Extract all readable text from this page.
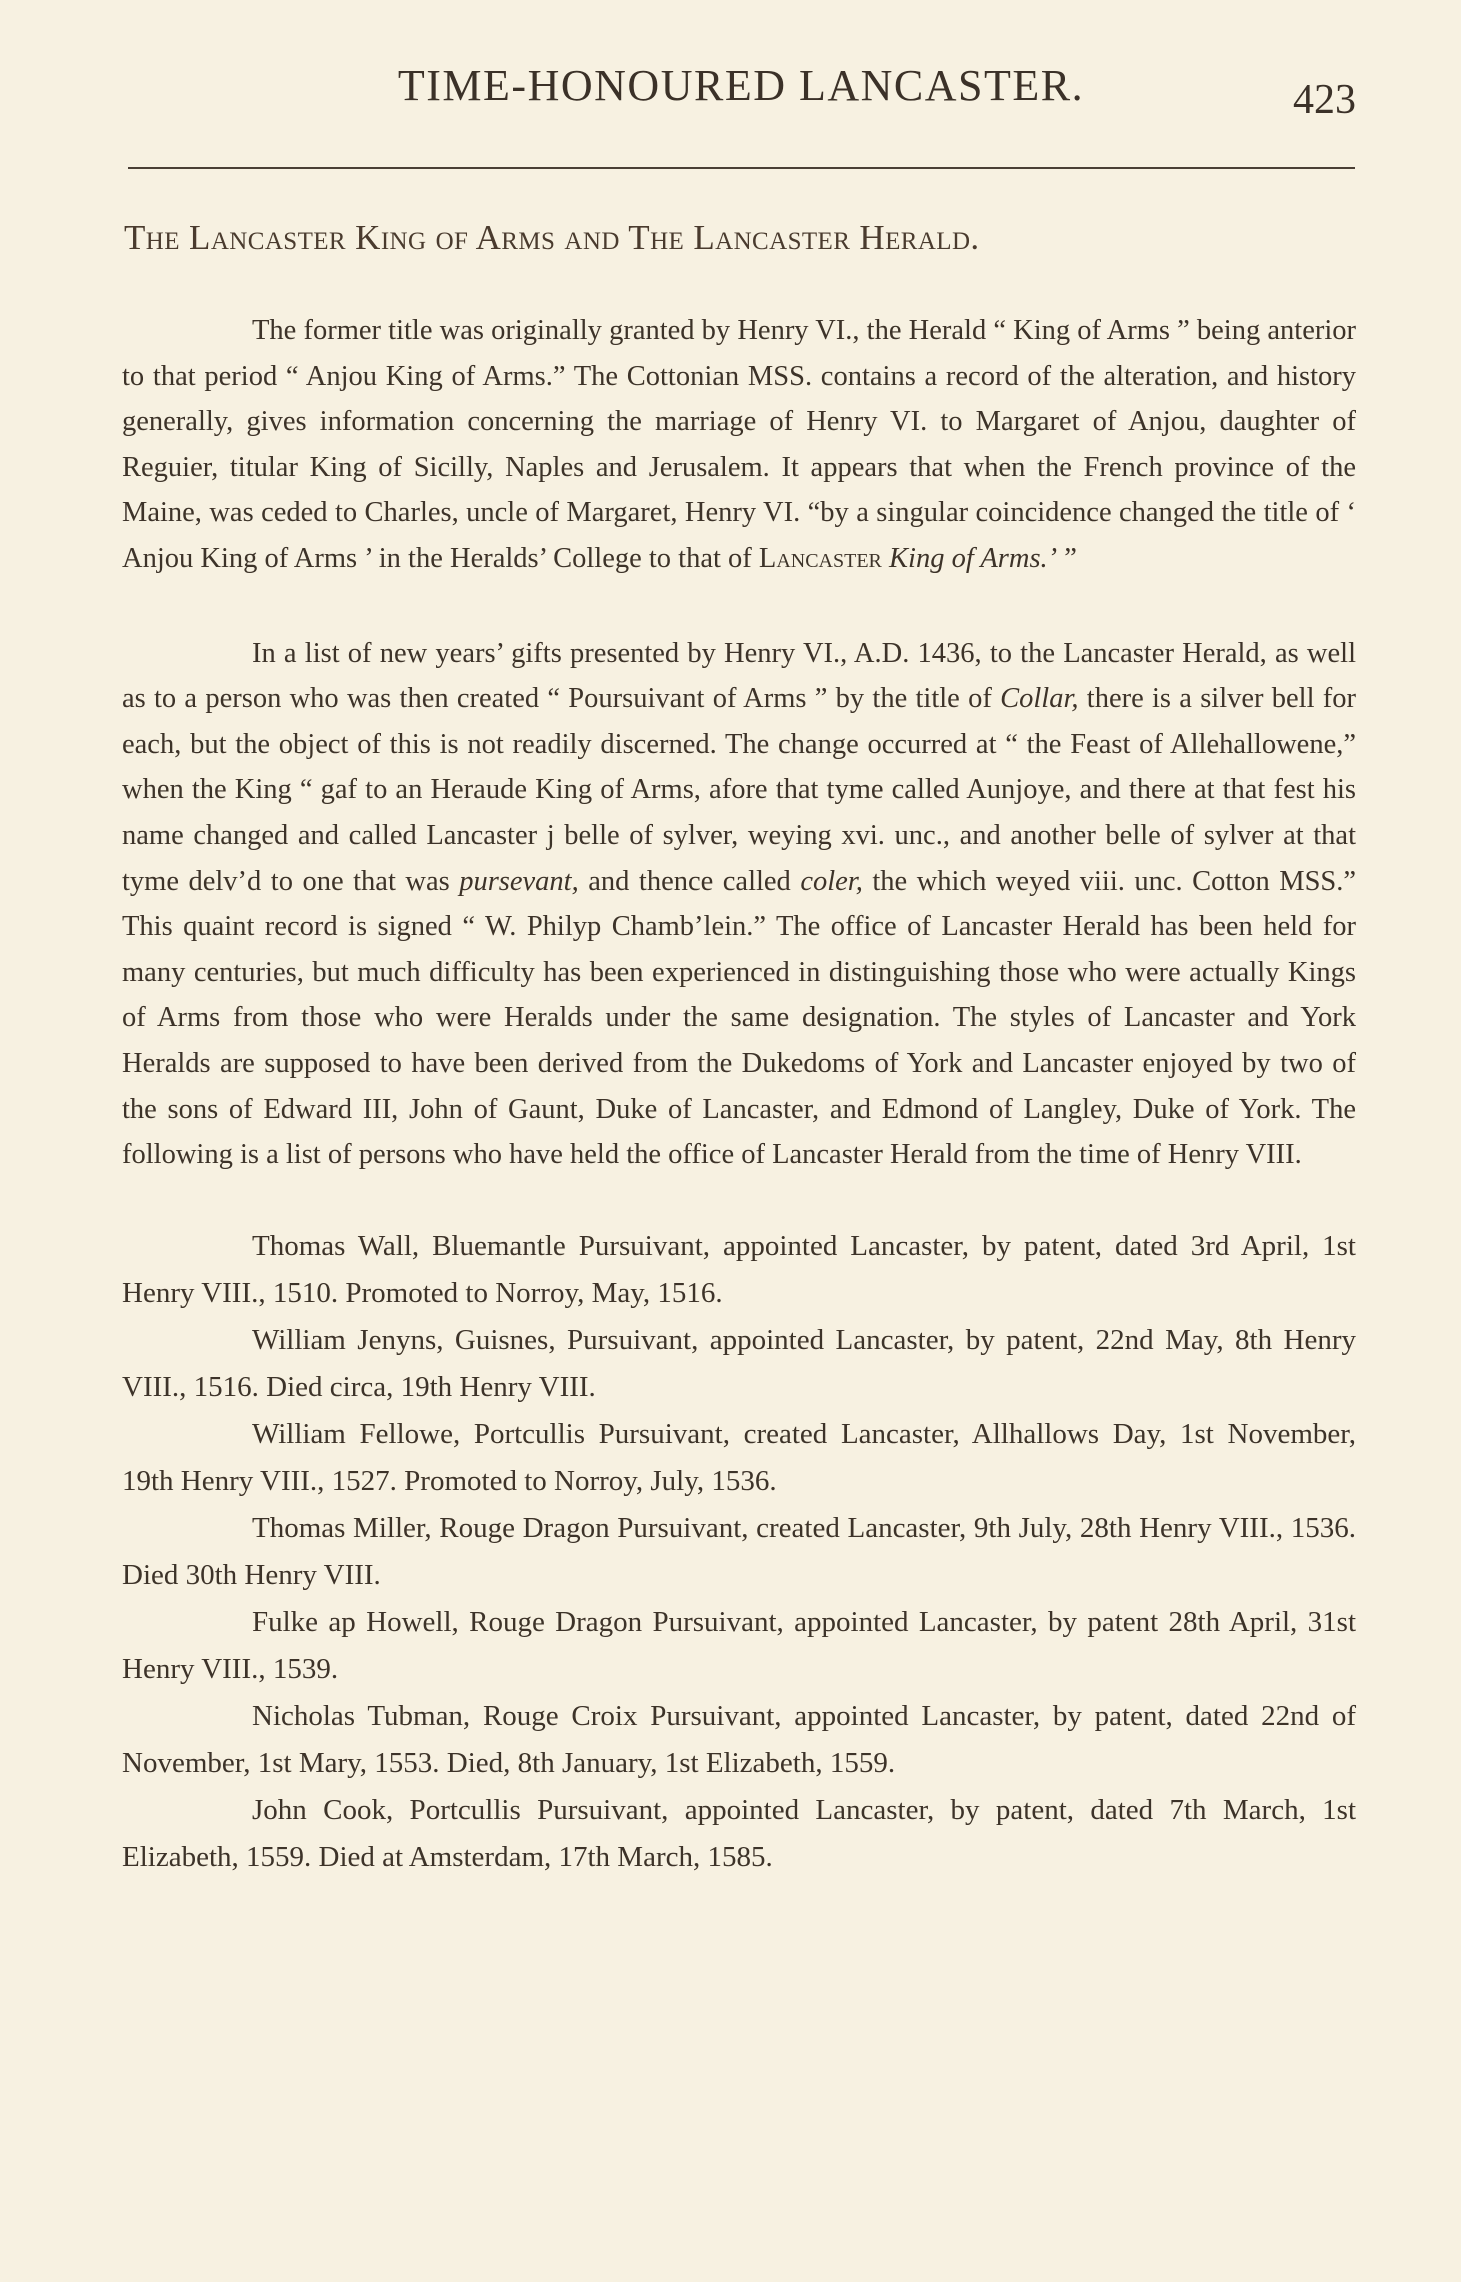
TIME-HONOURED LANCASTER.	423
The Lancaster King of Arms and The Lancaster Herald.

The former title was originally granted by Henry VI., the Herald “ King of Arms ” being anterior to that period “ Anjou King of Arms.” The Cottonian MSS. contains a record of the alteration, and history generally, gives information concerning the marriage of Henry VI. to Margaret of Anjou, daughter of Reguier, titular King of Sicilly, Naples and Jerusalem. It appears that when the French province of the Maine, was ceded to Charles, uncle of Margaret, Henry VI. “by a singular coincidence changed the title of ‘ Anjou King of Arms ’ in the Heralds’ College to that of Lancaster King of Arms.’ ”

In a list of new years’ gifts presented by Henry VI., A.D. 1436, to the Lancaster Herald, as well as to a person who was then created “ Poursuivant of Arms ” by the title of Collar, there is a silver bell for each, but the object of this is not readily discerned. The change occurred at “ the Feast of Allehallowene,” when the King “ gaf to an Heraude King of Arms, afore that tyme called Aunjoye, and there at that fest his name changed and called Lancaster j belle of sylver, weying xvi. unc., and another belle of sylver at that tyme delv’d to one that was pursevant, and thence called coler, the which weyed viii. unc. Cotton MSS.” This quaint record is signed “ W. Philyp Chamb’lein.” The office of Lancaster Herald has been held for many centuries, but much difficulty has been experienced in distinguishing those who were actually Kings of Arms from those who were Heralds under the same designation. The styles of Lancaster and York Heralds are supposed to have been derived from the Dukedoms of York and Lancaster enjoyed by two of the sons of Edward III, John of Gaunt, Duke of Lancaster, and Edmond of Langley, Duke of York. The following is a list of persons who have held the office of Lancaster Herald from the time of Henry VIII.

Thomas Wall, Bluemantle Pursuivant, appointed Lancaster, by patent, dated 3rd April, 1st Henry VIII., 1510. Promoted to Norroy, May, 1516.

William Jenyns, Guisnes, Pursuivant, appointed Lancaster, by patent, 22nd May, 8th Henry VIII., 1516. Died circa, 19th Henry VIII.

William Fellowe, Portcullis Pursuivant, created Lancaster, Allhallows Day, 1st November, 19th Henry VIII., 1527. Promoted to Norroy, July, 1536.

Thomas Miller, Rouge Dragon Pursuivant, created Lancaster, 9th July, 28th Henry VIII., 1536. Died 30th Henry VIII.

Fulke ap Howell, Rouge Dragon Pursuivant, appointed Lancaster, by patent 28th April, 31st Henry VIII., 1539.

Nicholas Tubman, Rouge Croix Pursuivant, appointed Lancaster, by patent, dated 22nd of November, 1st Mary, 1553. Died, 8th January, 1st Elizabeth, 1559.

John Cook, Portcullis Pursuivant, appointed Lancaster, by patent, dated 7th March, 1st Elizabeth, 1559. Died at Amsterdam, 17th March, 1585.
